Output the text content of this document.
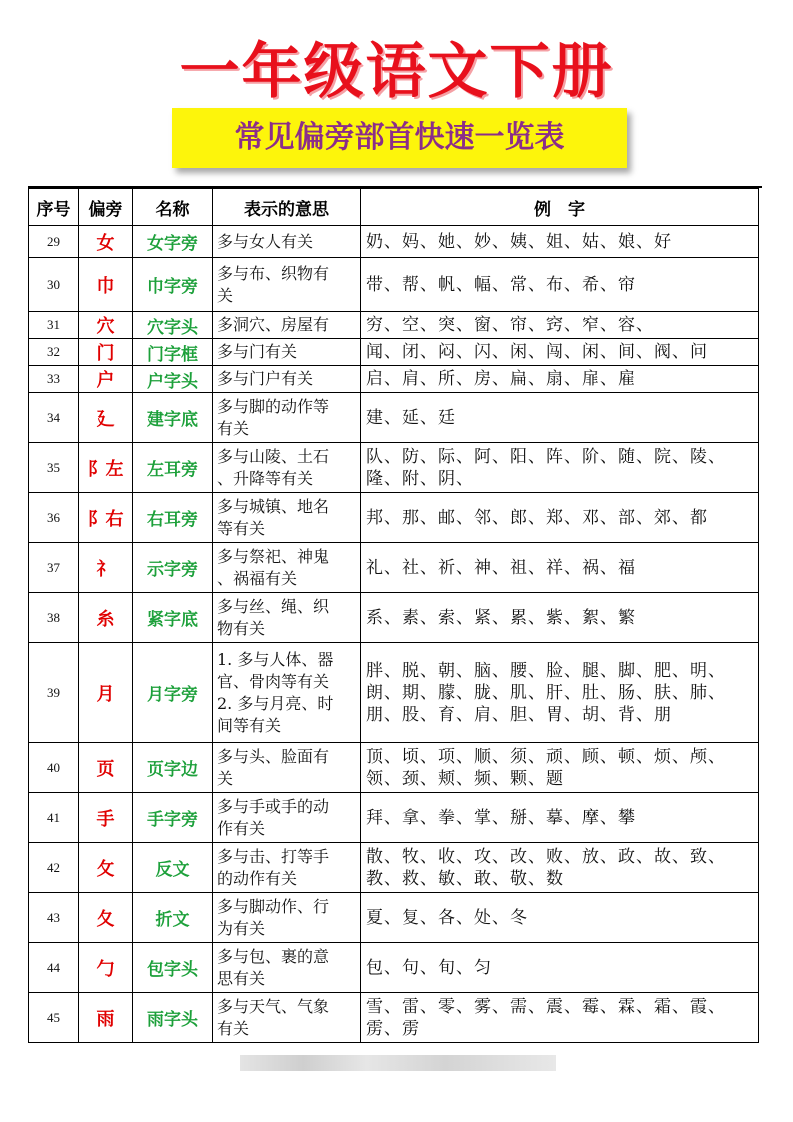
一年级语文下册
常见偏旁部首快速一览表
序号	偏旁	名称	表示的意思	例　字
29	女	女字旁	多与女人有关	奶、妈、她、妙、姨、姐、姑、娘、好

30	巾	巾字旁	多与布、织物有
关	带、帮、帆、幅、常、布、希、帘

31	穴	穴字头	多洞穴、房屋有	穷、空、突、窗、帘、窍、窄、容、

32	门	门字框	多与门有关	闻、闭、闷、闪、闲、闯、闲、间、阀、问

33	户	户字头	多与门户有关	启、肩、所、房、扁、扇、扉、雇

34	廴	建字底	多与脚的动作等
有关	建、延、廷

35	阝左	左耳旁	多与山陵、土石
、升降等有关	队、防、际、阿、阳、阵、阶、随、院、陵、
隆、附、阴、

36	阝右	右耳旁	多与城镇、地名
等有关	邦、那、邮、邻、郎、郑、邓、部、郊、都

37	礻	示字旁	多与祭祀、神鬼
、祸福有关	礼、社、祈、神、祖、祥、祸、福

38	糸	紧字底	多与丝、绳、织
物有关	系、素、索、紧、累、紫、絮、繁

39	月	月字旁	1. 多与人体、器
官、骨肉等有关
2. 多与月亮、时
间等有关	胖、脱、朝、脑、腰、脸、腿、脚、肥、明、
朗、期、朦、胧、肌、肝、肚、肠、肤、肺、
朋、股、育、肩、胆、胃、胡、背、朋

40	页	页字边	多与头、脸面有
关	顶、顷、项、顺、须、顽、顾、顿、烦、颅、
领、颈、颊、频、颗、题

41	手	手字旁	多与手或手的动
作有关	拜、拿、拳、掌、掰、摹、摩、攀

42	攵	反文	多与击、打等手
的动作有关	散、牧、收、攻、改、败、放、政、故、致、
教、救、敏、敢、敬、数

43	夂	折文	多与脚动作、行
为有关	夏、复、各、处、冬

44	勹	包字头	多与包、裹的意
思有关	包、句、旬、匀

45	雨	雨字头	多与天气、气象
有关	雪、雷、零、雾、需、震、霉、霖、霜、霞、
雳、雳
